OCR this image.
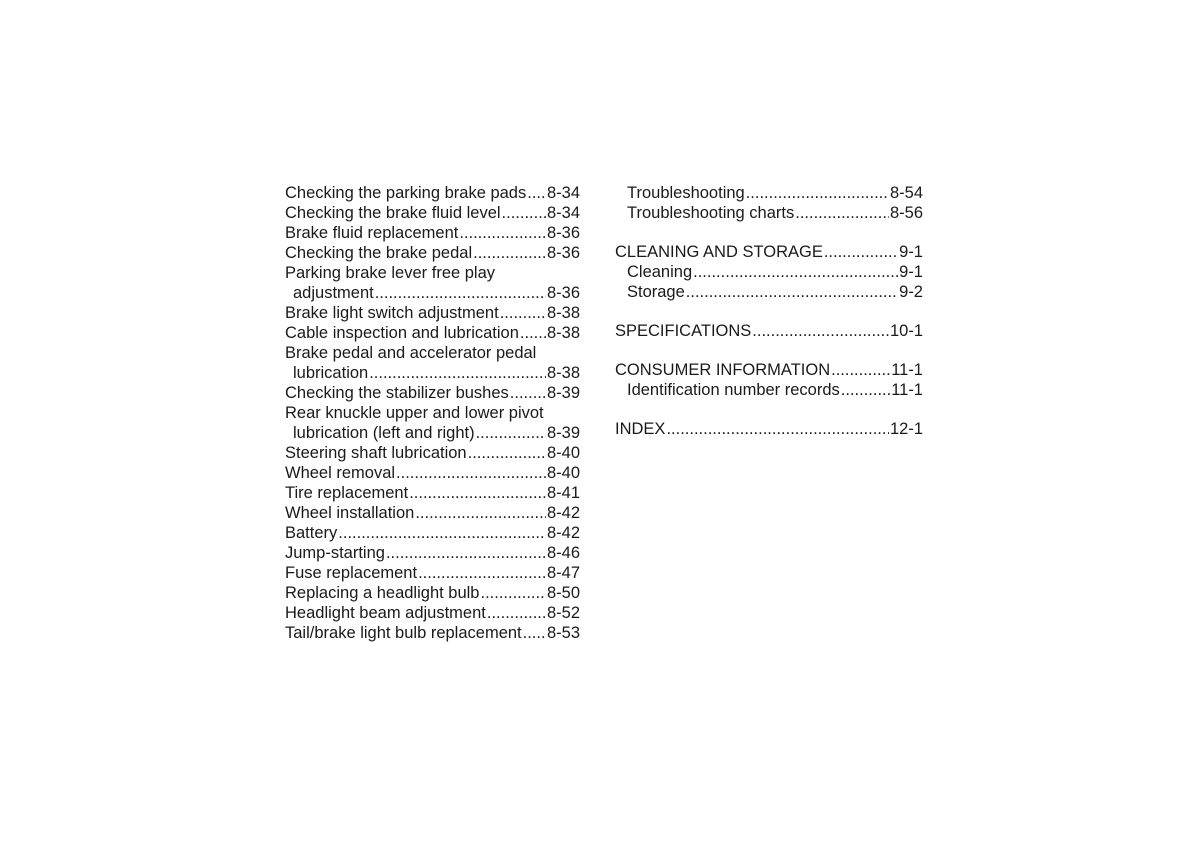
Checking the parking brake pads ..... 8-34
Checking the brake fluid level .....	8-34
Brake fluid replacement .....	8-36
Checking the brake pedal .....	8-36
Parking brake lever free play
adjustment .....	8-36
Brake light switch adjustment .....	8-38
Cable inspection and lubrication ..... 8-38
Brake pedal and accelerator pedal
lubrication .....	8-38
Checking the stabilizer bushes ..... 8-39
Rear knuckle upper and lower pivot
lubrication (left and right) .....	8-39
Steering shaft lubrication .....	8-40
Wheel removal .....	8-40
Tire replacement .....	8-41
Wheel installation .....	8-42
Battery .....	8-42
Jump-starting .....	8-46
Fuse replacement .....	8-47
Replacing a headlight bulb .....	8-50
Headlight beam adjustment .....	8-52
Tail/brake light bulb replacement ..... 8-53
Troubleshooting .....	8-54
Troubleshooting charts .....	8-56
CLEANING AND STORAGE .....	9-1
Cleaning .....	9-1
Storage .....	9-2
SPECIFICATIONS .....	10-1
CONSUMER INFORMATION .....	11-1
Identification number records .....	11-1
INDEX .....	12-1
